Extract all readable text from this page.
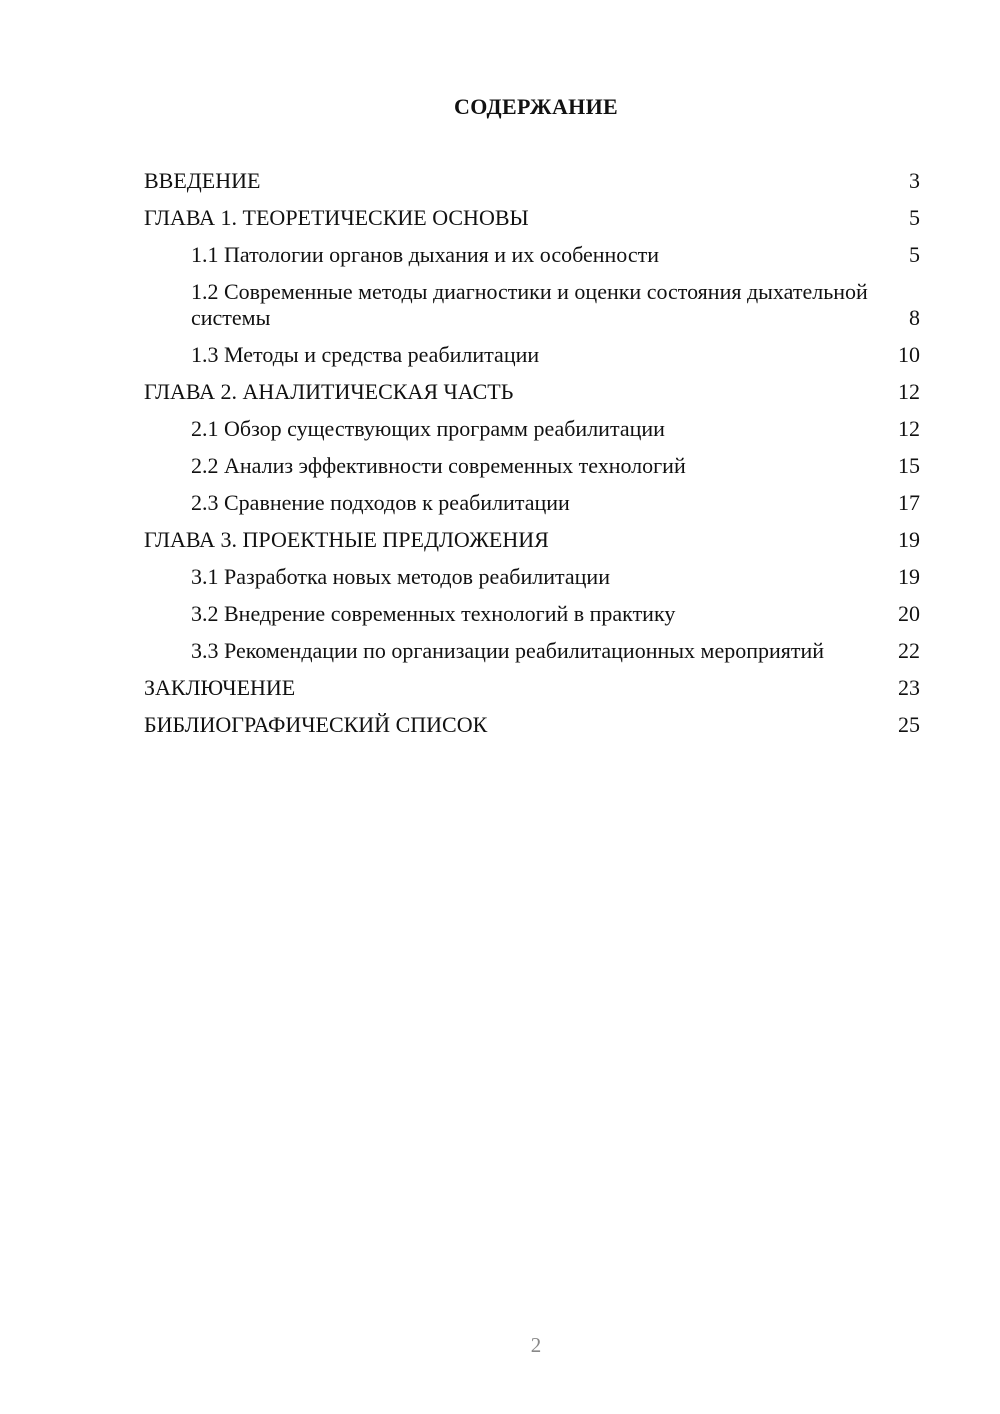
СОДЕРЖАНИЕ
ВВЕДЕНИЕ	3
ГЛАВА 1. ТЕОРЕТИЧЕСКИЕ ОСНОВЫ	5
1.1 Патологии органов дыхания и их особенности	5
1.2 Современные методы диагностики и оценки состояния дыхательной системы	8
1.3 Методы и средства реабилитации	10
ГЛАВА 2. АНАЛИТИЧЕСКАЯ ЧАСТЬ	12
2.1 Обзор существующих программ реабилитации	12
2.2 Анализ эффективности современных технологий	15
2.3 Сравнение подходов к реабилитации	17
ГЛАВА 3. ПРОЕКТНЫЕ ПРЕДЛОЖЕНИЯ	19
3.1 Разработка новых методов реабилитации	19
3.2 Внедрение современных технологий в практику	20
3.3 Рекомендации по организации реабилитационных мероприятий	22
ЗАКЛЮЧЕНИЕ	23
БИБЛИОГРАФИЧЕСКИЙ СПИСОК	25
2
